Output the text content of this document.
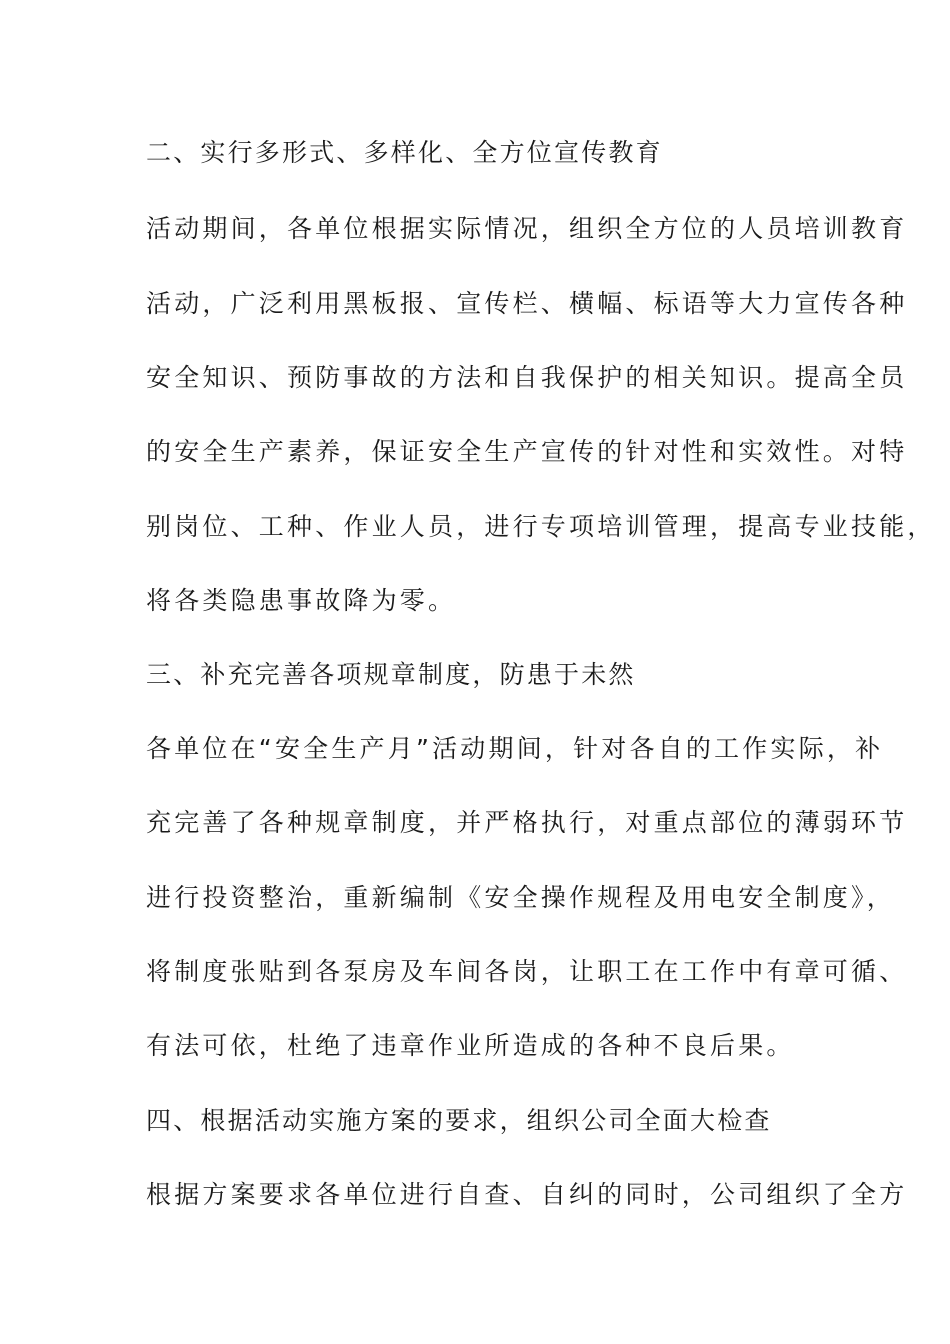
二、实行多形式、多样化、全方位宣传教育
活动期间，各单位根据实际情况，组织全方位的人员培训教育
活动，广泛利用黑板报、宣传栏、横幅、标语等大力宣传各种
安全知识、预防事故的方法和自我保护的相关知识。提高全员
的安全生产素养，保证安全生产宣传的针对性和实效性。对特
别岗位、工种、作业人员，进行专项培训管理，提高专业技能，
将各类隐患事故降为零。
三、补充完善各项规章制度，防患于未然
各单位在“安全生产月”活动期间，针对各自的工作实际，补
充完善了各种规章制度，并严格执行，对重点部位的薄弱环节
进行投资整治，重新编制《安全操作规程及用电安全制度》，
将制度张贴到各泵房及车间各岗，让职工在工作中有章可循、
有法可依，杜绝了违章作业所造成的各种不良后果。
四、根据活动实施方案的要求，组织公司全面大检查
根据方案要求各单位进行自查、自纠的同时，公司组织了全方
